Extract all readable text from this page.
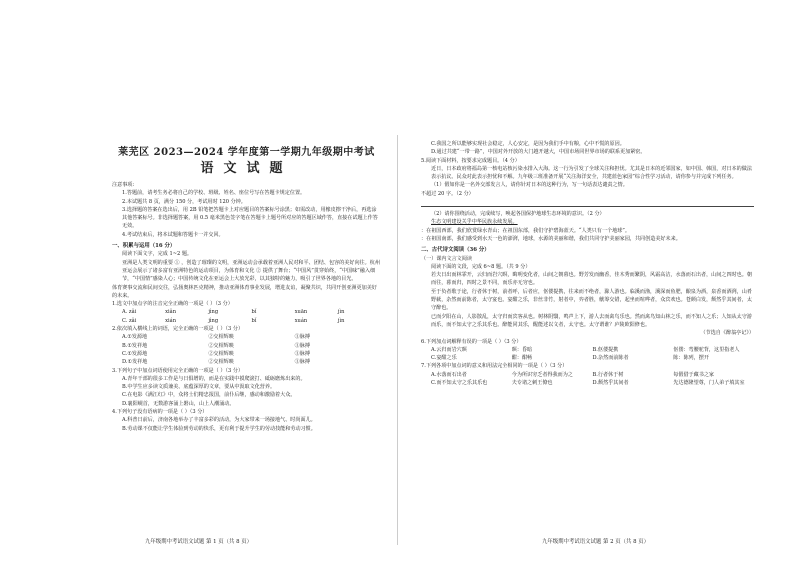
莱芜区 2023—2024 学年度第一学期九年级期中考试
语文试题
注意事项:
1.答题前，请考生务必将自己的学校、班级、姓名、座位号写在答题卡规定位置。
2.本试题共 8 页，满分 150 分，考试用时 120 分钟。
3.选择题的答案在选出后，用 2B 铅笔把答题卡上对应题目的答案标号涂黑；如需改动，用橡皮擦干净后，再选涂其他答案标号。非选择题答案，用 0.5 毫米黑色签字笔在答题卡上题号所对应的答题区域作答，直接在试题上作答无效。
4.考试结束后，将本试题和答题卡一并交回。
一、积累与运用（16 分）
阅读下面文字，完成 1~2 题。
亚洲是人类文明的重要 ① ，创造了璀璨的文明，亚洲运动会承载着亚洲人民对和平、团结、包容的美好向往。杭州亚运会展示了诸多富有亚洲特色的运动项目，为体育和文化 ② 提供了舞台；“中国风”贯穿始终，“中国味”融入细节，“中国情”感染人心；中国传统文化在亚运会上大放光彩，以其独特的魅力，吸引了世界各地的目光。
体育赛事交流和民间交往，弘扬奥林匹克精神，推动亚洲体育事业发展，增进友谊，凝聚共识，共同开创亚洲更加美好的未来。
1.选文中加点字的注音完全正确的一项是（ ）（3 分）
A. zǎi	xiǎn	jìng	bǐ	xuān	jìn
C. zǎi	xián	jìng	bǐ	xuán	jìn
2.依次填入横线上的词语，完全正确的一项是（ ）（3 分）
A.①发源地	②交相辉映	③脉搏
B.①发祥地	②交相辉映	③脉搏
C.①发源地	②交相辉映	③脉搏
D.①发祥地	②交相辉映	③脉搏
3.下列句子中加点词语使用完全正确的一项是（ ）（3 分）
A.青年干部的很多工作是与日俱增的，而是在实践中摸爬滚打、砥砺磨炼出来的。
B.中学生应多读文质兼美、底蕴深厚的文章，要从中汲取文化营养。
C.在电影《满江红》中，众将士们精忠报国，前仆后继，感动和激励着大众。
D.襄阳岘首，无数游客涌上磐山，山上人潮涌动。
4.下列句子没有语病的一项是（ ）（3 分）
A.科普日前后，济南各地举办了丰富多彩的活动，为大家带来一场接地气、时尚面儿。
B.劳动课不仅能让学生体验到劳动的快乐，更有利于提升学生的劳动技能和劳动习惯。
九年级期中考试语文试题 第 1 页（共 8 页）
C.我国之所以能够实现社会稳定，人心安定，是因为我们手中有粮，心中不慌的原因。
D.通过共建“一带一路”，中国对外开放的大门越开越大，中国市场同世界市场的联系更加紧密。
5.阅读下面材料，按要求完成题目。（4 分）
近日，日本政府将福岛第一核电站核污染水排入大海。这一行为引发了全球关注和担忧。尤其是日本的近邻国家，如中国、韩国，对日本的做法表示抗议。民众对此表示担忧和不解。九年级三班准备开展“关注海洋安全，共建蓝色家园”综合性学习活动，请你参与并完成下列任务。
（1）假如你是一名外交部发言人，请你针对日本的这种行为，写一句话表达谴责之情。
不超过 20 字。（2 分）
（2）请你围绕活动，完成续写，唤起各国保护地球生态环境的意识。（2 分）
生态文明建设关乎中华民族永续发展。
：在祖国西部，我们欣赏绿水青山；在祖国东部，我们守护碧海蓝天。“人类只有一个地球”。
：在祖国南部，我们感受到水天一色的澎湃，地球，水源的美丽和谐，我们共同守护美丽家园，共同创造美好未来。
二、古代诗文阅读（36 分）
（一）课内文言文阅读
阅读下面的文段，完成 6~8 题。（共 9 分）
若夫日出而林霏开，云归而岩穴暝，晦明变化者，山间之朝暮也。野芳发而幽香，佳木秀而繁阴，风霜高洁，水落而石出者，山间之四时也。朝而往，暮而归，四时之景不同，而乐亦无穷也。
至于负者歌于途，行者休于树，前者呼，后者应，伛偻提携，往来而不绝者，滁人游也。临溪而渔，溪深而鱼肥，酿泉为酒，泉香而酒洌，山肴野蔌，杂然而前陈者，太守宴也。宴酣之乐，非丝非竹，射者中，弈者胜，觥筹交错，起坐而喧哗者，众宾欢也。苍颜白发，颓然乎其间者，太守醉也。
已而夕阳在山，人影散乱，太守归而宾客从也。树林阴翳，鸣声上下，游人去而禽鸟乐也。然而禽鸟知山林之乐，而不知人之乐；人知从太守游而乐，而不知太守之乐其乐也。醉能同其乐，醒能述以文者，太守也。太守谓谁？庐陵欧阳修也。
（节选自《醉翁亭记》）
6.下列加点词解释有误的一项是（ ）（3 分）
A.云归而岩穴暝	暝：昏暗	B.伛偻提携	伛偻：弯腰驼背，这里指老人
C.宴酣之乐	酣：酣畅	D.杂然而前陈者	陈：陈列，摆开
7.下列各项中加点词的意义和用法完全相同的一项是（ ）（3 分）
A.水落而石出者	今为所识穷乏者得我而为之	B.行者休于树	每假借于藏书之家
C.而不知太守之乐其乐也	夫专诸之刺王僚也	D.颓然乎其间者	先达德隆望尊，门人弟子填其室
九年级期中考试语文试题 第 2 页（共 8 页）
